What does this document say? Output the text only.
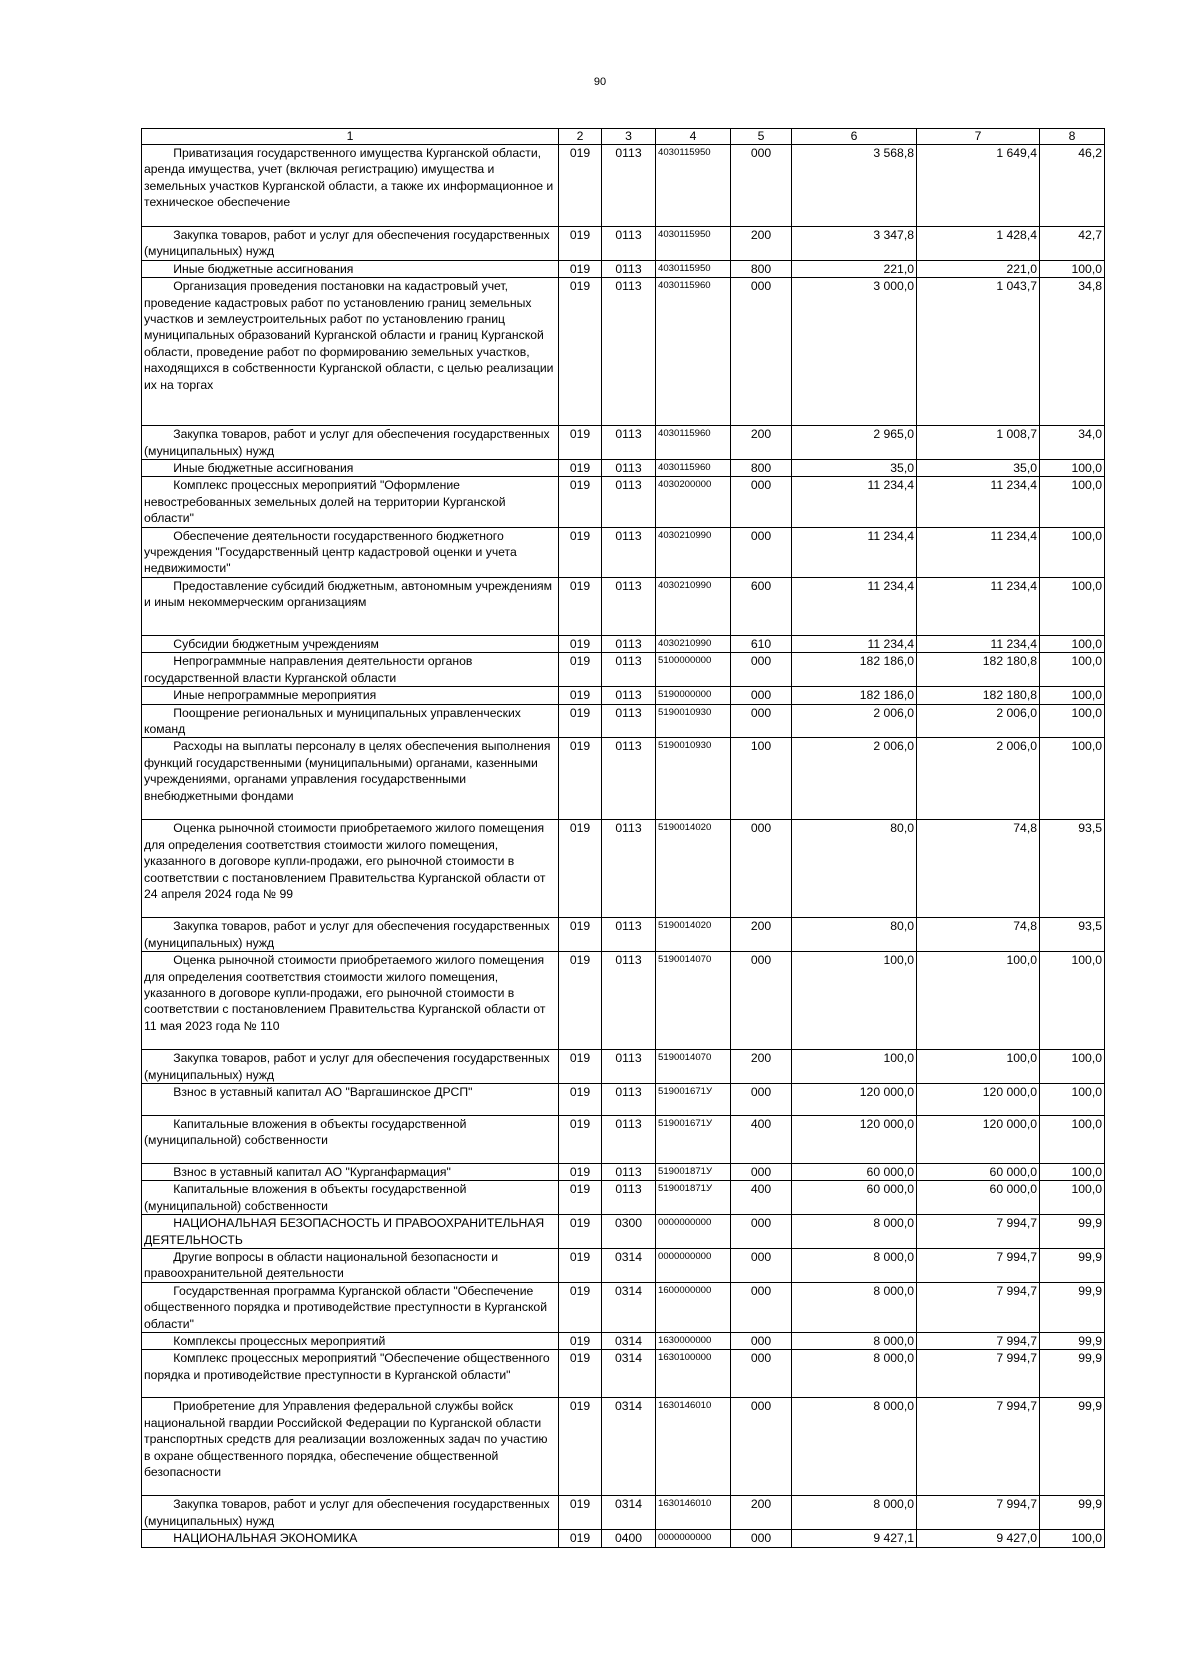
90
1	2	3	4	5	6	7	8

Приватизация государственного имущества Курганской области, аренда имущества, учет (включая регистрацию) имущества и земельных участков Курганской области, а также их информационное и техническое обеспечение	019	0113	4030115950	000	3 568,8	1 649,4	46,2

Закупка товаров, работ и услуг для обеспечения государственных (муниципальных) нужд	019	0113	4030115950	200	3 347,8	1 428,4	42,7

Иные бюджетные ассигнования	019	0113	4030115950	800	221,0	221,0	100,0

Организация проведения постановки на кадастровый учет, проведение кадастровых работ по установлению границ земельных участков и землеустроительных работ по установлению границ муниципальных образований Курганской области и границ Курганской области, проведение работ по формированию земельных участков, находящихся в собственности Курганской области, с целью реализации их на торгах	019	0113	4030115960	000	3 000,0	1 043,7	34,8

Закупка товаров, работ и услуг для обеспечения государственных (муниципальных) нужд	019	0113	4030115960	200	2 965,0	1 008,7	34,0

Иные бюджетные ассигнования	019	0113	4030115960	800	35,0	35,0	100,0

Комплекс процессных мероприятий "Оформление невостребованных земельных долей на территории Курганской области"	019	0113	4030200000	000	11 234,4	11 234,4	100,0

Обеспечение деятельности государственного бюджетного учреждения "Государственный центр кадастровой оценки и учета недвижимости"	019	0113	4030210990	000	11 234,4	11 234,4	100,0

Предоставление субсидий бюджетным, автономным учреждениям и иным некоммерческим организациям	019	0113	4030210990	600	11 234,4	11 234,4	100,0

Субсидии бюджетным учреждениям	019	0113	4030210990	610	11 234,4	11 234,4	100,0

Непрограммные направления деятельности органов государственной власти Курганской области	019	0113	5100000000	000	182 186,0	182 180,8	100,0

Иные непрограммные мероприятия	019	0113	5190000000	000	182 186,0	182 180,8	100,0

Поощрение региональных и муниципальных управленческих команд	019	0113	5190010930	000	2 006,0	2 006,0	100,0

Расходы на выплаты персоналу в целях обеспечения выполнения функций государственными (муниципальными) органами, казенными учреждениями, органами управления государственными внебюджетными фондами	019	0113	5190010930	100	2 006,0	2 006,0	100,0

Оценка рыночной стоимости приобретаемого жилого помещения для определения соответствия стоимости жилого помещения, указанного в договоре купли-продажи, его рыночной стоимости в соответствии с постановлением Правительства Курганской области от 24 апреля 2024 года № 99	019	0113	5190014020	000	80,0	74,8	93,5

Закупка товаров, работ и услуг для обеспечения государственных (муниципальных) нужд	019	0113	5190014020	200	80,0	74,8	93,5

Оценка рыночной стоимости приобретаемого жилого помещения для определения соответствия стоимости жилого помещения, указанного в договоре купли-продажи, его рыночной стоимости в соответствии с постановлением Правительства Курганской области от 11 мая 2023 года № 110	019	0113	5190014070	000	100,0	100,0	100,0

Закупка товаров, работ и услуг для обеспечения государственных (муниципальных) нужд	019	0113	5190014070	200	100,0	100,0	100,0

Взнос в уставный капитал АО "Варгашинское ДРСП"	019	0113	519001671У	000	120 000,0	120 000,0	100,0

Капитальные вложения в объекты государственной (муниципальной) собственности	019	0113	519001671У	400	120 000,0	120 000,0	100,0

Взнос в уставный капитал АО "Курганфармация"	019	0113	519001871У	000	60 000,0	60 000,0	100,0

Капитальные вложения в объекты государственной (муниципальной) собственности	019	0113	519001871У	400	60 000,0	60 000,0	100,0

НАЦИОНАЛЬНАЯ БЕЗОПАСНОСТЬ И ПРАВООХРАНИТЕЛЬНАЯ ДЕЯТЕЛЬНОСТЬ	019	0300	0000000000	000	8 000,0	7 994,7	99,9

Другие вопросы в области национальной безопасности и правоохранительной деятельности	019	0314	0000000000	000	8 000,0	7 994,7	99,9

Государственная программа Курганской области "Обеспечение общественного порядка и противодействие преступности в Курганской области"	019	0314	1600000000	000	8 000,0	7 994,7	99,9

Комплексы процессных мероприятий	019	0314	1630000000	000	8 000,0	7 994,7	99,9

Комплекс процессных мероприятий "Обеспечение общественного порядка и противодействие преступности в Курганской области"	019	0314	1630100000	000	8 000,0	7 994,7	99,9

Приобретение для Управления федеральной службы войск национальной гвардии Российской Федерации по Курганской области транспортных средств для реализации возложенных задач по участию в охране общественного порядка, обеспечение общественной безопасности	019	0314	1630146010	000	8 000,0	7 994,7	99,9

Закупка товаров, работ и услуг для обеспечения государственных (муниципальных) нужд	019	0314	1630146010	200	8 000,0	7 994,7	99,9

НАЦИОНАЛЬНАЯ ЭКОНОМИКА	019	0400	0000000000	000	9 427,1	9 427,0	100,0
